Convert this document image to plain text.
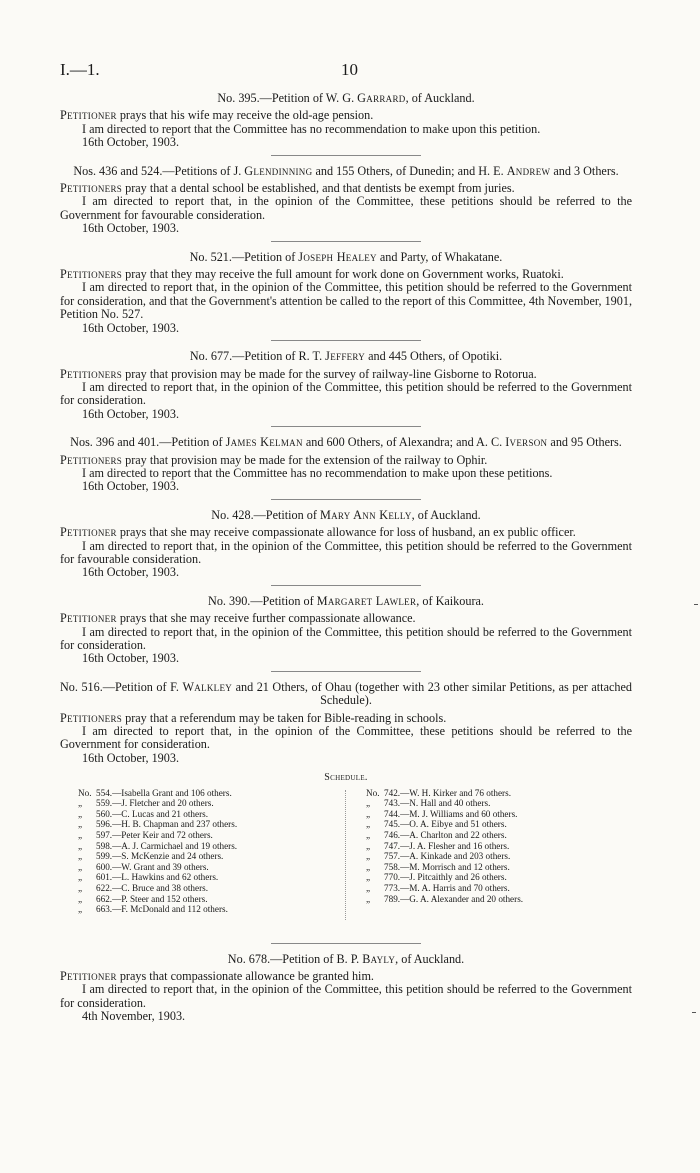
I.—1.	10

No. 395.—Petition of W. G. Garrard, of Auckland.

Petitioner prays that his wife may receive the old-age pension.

I am directed to report that the Committee has no recommendation to make upon this petition.

16th October, 1903.

Nos. 436 and 524.—Petitions of J. Glendinning and 155 Others, of Dunedin; and H. E. Andrew and 3 Others.

Petitioners pray that a dental school be established, and that dentists be exempt from juries.

I am directed to report that, in the opinion of the Committee, these petitions should be referred to the Government for favourable consideration.

16th October, 1903.

No. 521.—Petition of Joseph Healey and Party, of Whakatane.

Petitioners pray that they may receive the full amount for work done on Government works, Ruatoki.

I am directed to report that, in the opinion of the Committee, this petition should be referred to the Government for consideration, and that the Government's attention be called to the report of this Committee, 4th November, 1901, Petition No. 527.

16th October, 1903.

No. 677.—Petition of R. T. Jeffery and 445 Others, of Opotiki.

Petitioners pray that provision may be made for the survey of railway-line Gisborne to Rotorua.

I am directed to report that, in the opinion of the Committee, this petition should be referred to the Government for consideration.

16th October, 1903.

Nos. 396 and 401.—Petition of James Kelman and 600 Others, of Alexandra; and A. C. Iverson and 95 Others.

Petitioners pray that provision may be made for the extension of the railway to Ophir.

I am directed to report that the Committee has no recommendation to make upon these petitions.

16th October, 1903.

No. 428.—Petition of Mary Ann Kelly, of Auckland.

Petitioner prays that she may receive compassionate allowance for loss of husband, an ex public officer.

I am directed to report that, in the opinion of the Committee, this petition should be referred to the Government for favourable consideration.

16th October, 1903.

No. 390.—Petition of Margaret Lawler, of Kaikoura.

Petitioner prays that she may receive further compassionate allowance.

I am directed to report that, in the opinion of the Committee, this petition should be referred to the Government for consideration.

16th October, 1903.

No. 516.—Petition of F. Walkley and 21 Others, of Ohau (together with 23 other similar Petitions, as per attached Schedule).

Petitioners pray that a referendum may be taken for Bible-reading in schools.

I am directed to report that, in the opinion of the Committee, these petitions should be referred to the Government for consideration.

16th October, 1903.

Schedule.
No. 554.—Isabella Grant and 106 others.
„ 559.—J. Fletcher and 20 others.
„ 560.—C. Lucas and 21 others.
„ 596.—H. B. Chapman and 237 others.
„ 597.—Peter Keir and 72 others.
„ 598.—A. J. Carmichael and 19 others.
„ 599.—S. McKenzie and 24 others.
„ 600.—W. Grant and 39 others.
„ 601.—L. Hawkins and 62 others.
„ 622.—C. Bruce and 38 others.
„ 662.—P. Steer and 152 others.
„ 663.—F. McDonald and 112 others.
No. 742.—W. H. Kirker and 76 others.
„ 743.—N. Hall and 40 others.
„ 744.—M. J. Williams and 60 others.
„ 745.—O. A. Eibye and 51 others.
„ 746.—A. Charlton and 22 others.
„ 747.—J. A. Flesher and 16 others.
„ 757.—A. Kinkade and 203 others.
„ 758.—M. Morrisch and 12 others.
„ 770.—J. Pitcaithly and 26 others.
„ 773.—M. A. Harris and 70 others.
„ 789.—G. A. Alexander and 20 others.

No. 678.—Petition of B. P. Bayly, of Auckland.

Petitioner prays that compassionate allowance be granted him.

I am directed to report that, in the opinion of the Committee, this petition should be referred to the Government for consideration.

4th November, 1903.
